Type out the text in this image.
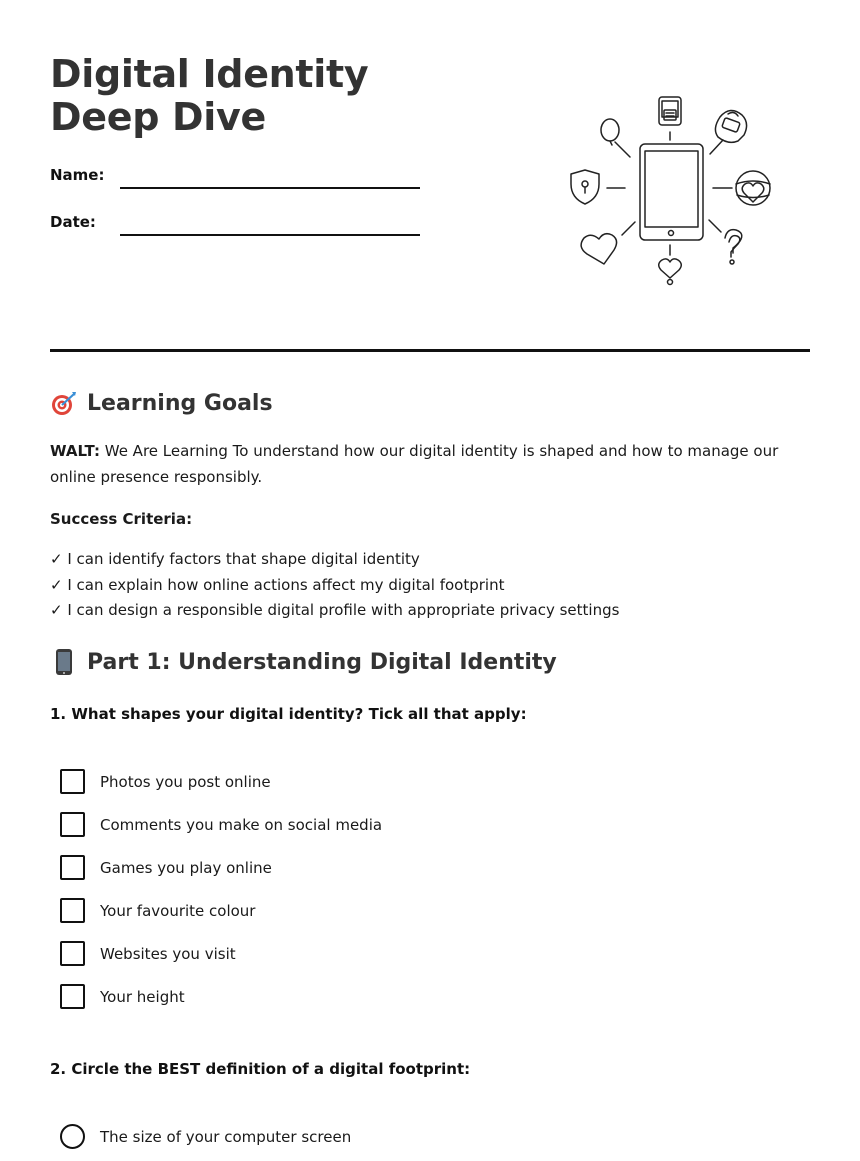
Digital Identity Deep Dive
Name:
Date:
Learning Goals

WALT: We Are Learning To understand how our digital identity is shaped and how to manage our online presence responsibly.

Success Criteria:

✓ I can identify factors that shape digital identity
✓ I can explain how online actions affect my digital footprint
✓ I can design a responsible digital profile with appropriate privacy settings
Part 1: Understanding Digital Identity

1. What shapes your digital identity? Tick all that apply:

Photos you post online
Comments you make on social media
Games you play online
Your favourite colour
Websites you visit
Your height

2. Circle the BEST definition of a digital footprint:

The size of your computer screen
